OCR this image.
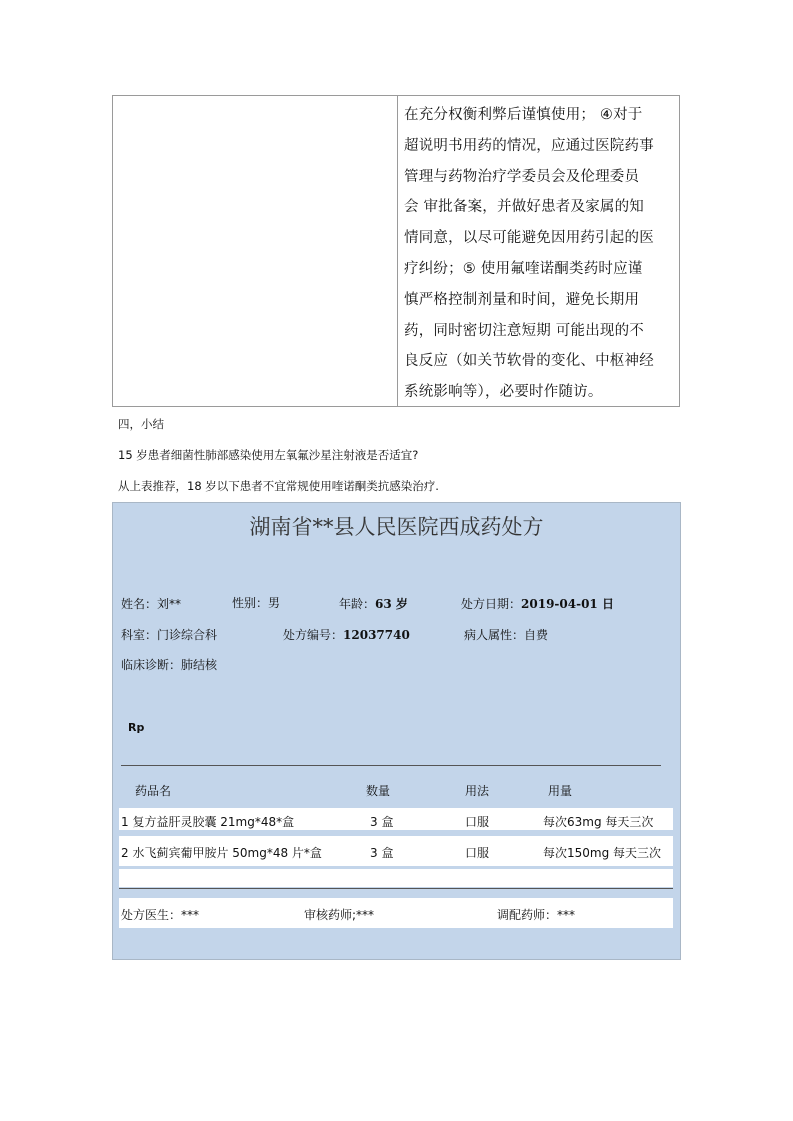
在充分权衡利弊后谨慎使用； ④对于
超说明书用药的情况，应通过医院药事
管理与药物治疗学委员会及伦理委员
会 审批备案，并做好患者及家属的知
情同意，以尽可能避免因用药引起的医
疗纠纷；⑤ 使用氟喹诺酮类药时应谨
慎严格控制剂量和时间，避免长期用
药，同时密切注意短期 可能出现的不
良反应（如关节软骨的变化、中枢神经
系统影响等），必要时作随访。
四，小结
15 岁患者细菌性肺部感染使用左氧氟沙星注射液是否适宜?
从上表推荐，18 岁以下患者不宜常规使用喹诺酮类抗感染治疗.
湖南省**县人民医院西成药处方
姓名：刘**	性别：男	年龄：63 岁	处方日期：2019-04-01 日
科室：门诊综合科	处方编号：12037740	病人属性：自费
临床诊断：肺结核
Rp
药品名	数量	用法	用量
1 复方益肝灵胶囊 21mg*48*盒	3 盒	口服	每次63mg 每天三次
2 水飞蓟宾葡甲胺片 50mg*48 片*盒	3 盒	口服	每次150mg 每天三次
处方医生：***	审核药师;***	调配药师：***
